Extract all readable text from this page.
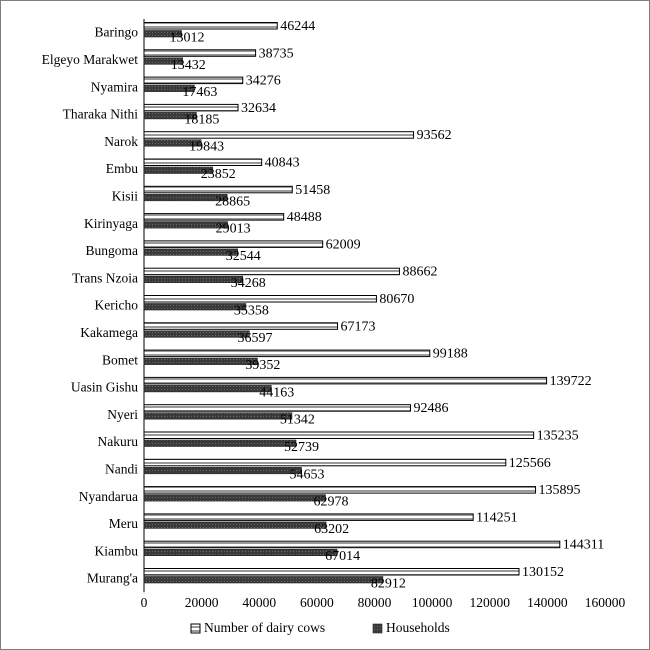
Baringo	46244
13012
Elgeyo Marakwet	38735
13432
Nyamira	34276
17463
Tharaka Nithi	32634
18185
Narok	93562
19843
Embu	40843
23852
Kisii	51458
28865
Kirinyaga	48488
29013
Bungoma	62009
32544
Trans Nzoia	88662
34268
Kericho	80670
35358
Kakamega	67173
36597
Bomet	99188
39352
Uasin Gishu	139722
44163
Nyeri	92486
51342
Nakuru	135235
52739
Nandi	125566
54653
Nyandarua	135895
62978
Meru	114251
63202
Kiambu	144311
67014
Murang'a	130152
82912
0	20000 40000 60000 80000 100000 120000 140000 160000
Number of dairy cows	Households
